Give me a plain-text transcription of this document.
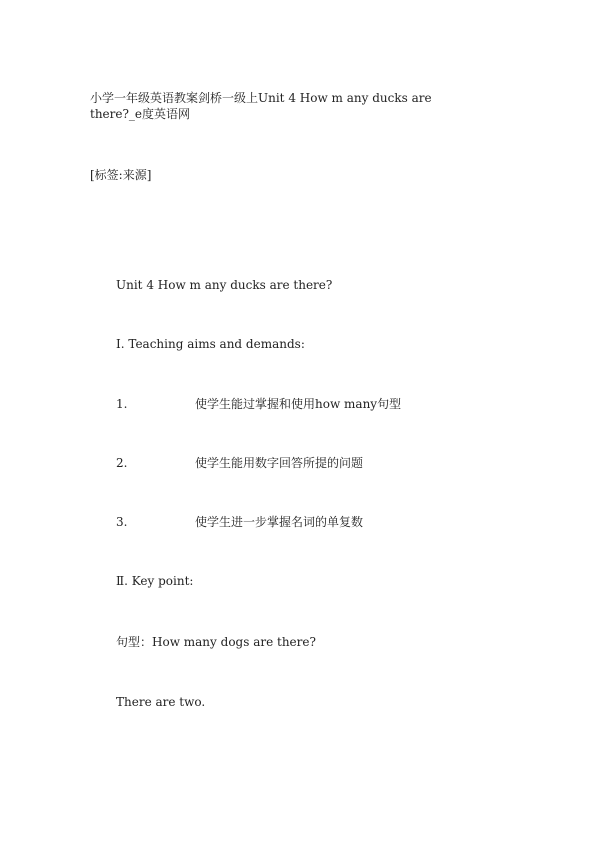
小学一年级英语教案剑桥一级上Unit 4 How m any ducks are
there?_e度英语网
[标签:来源]
Unit 4 How m any ducks are there?
Ⅰ. Teaching aims and demands:
1.	使学生能过掌握和使用how many句型
2.	使学生能用数字回答所提的问题
3.	使学生进一步掌握名词的单复数
Ⅱ. Key point:
句型：How many dogs are there?
There are two.
